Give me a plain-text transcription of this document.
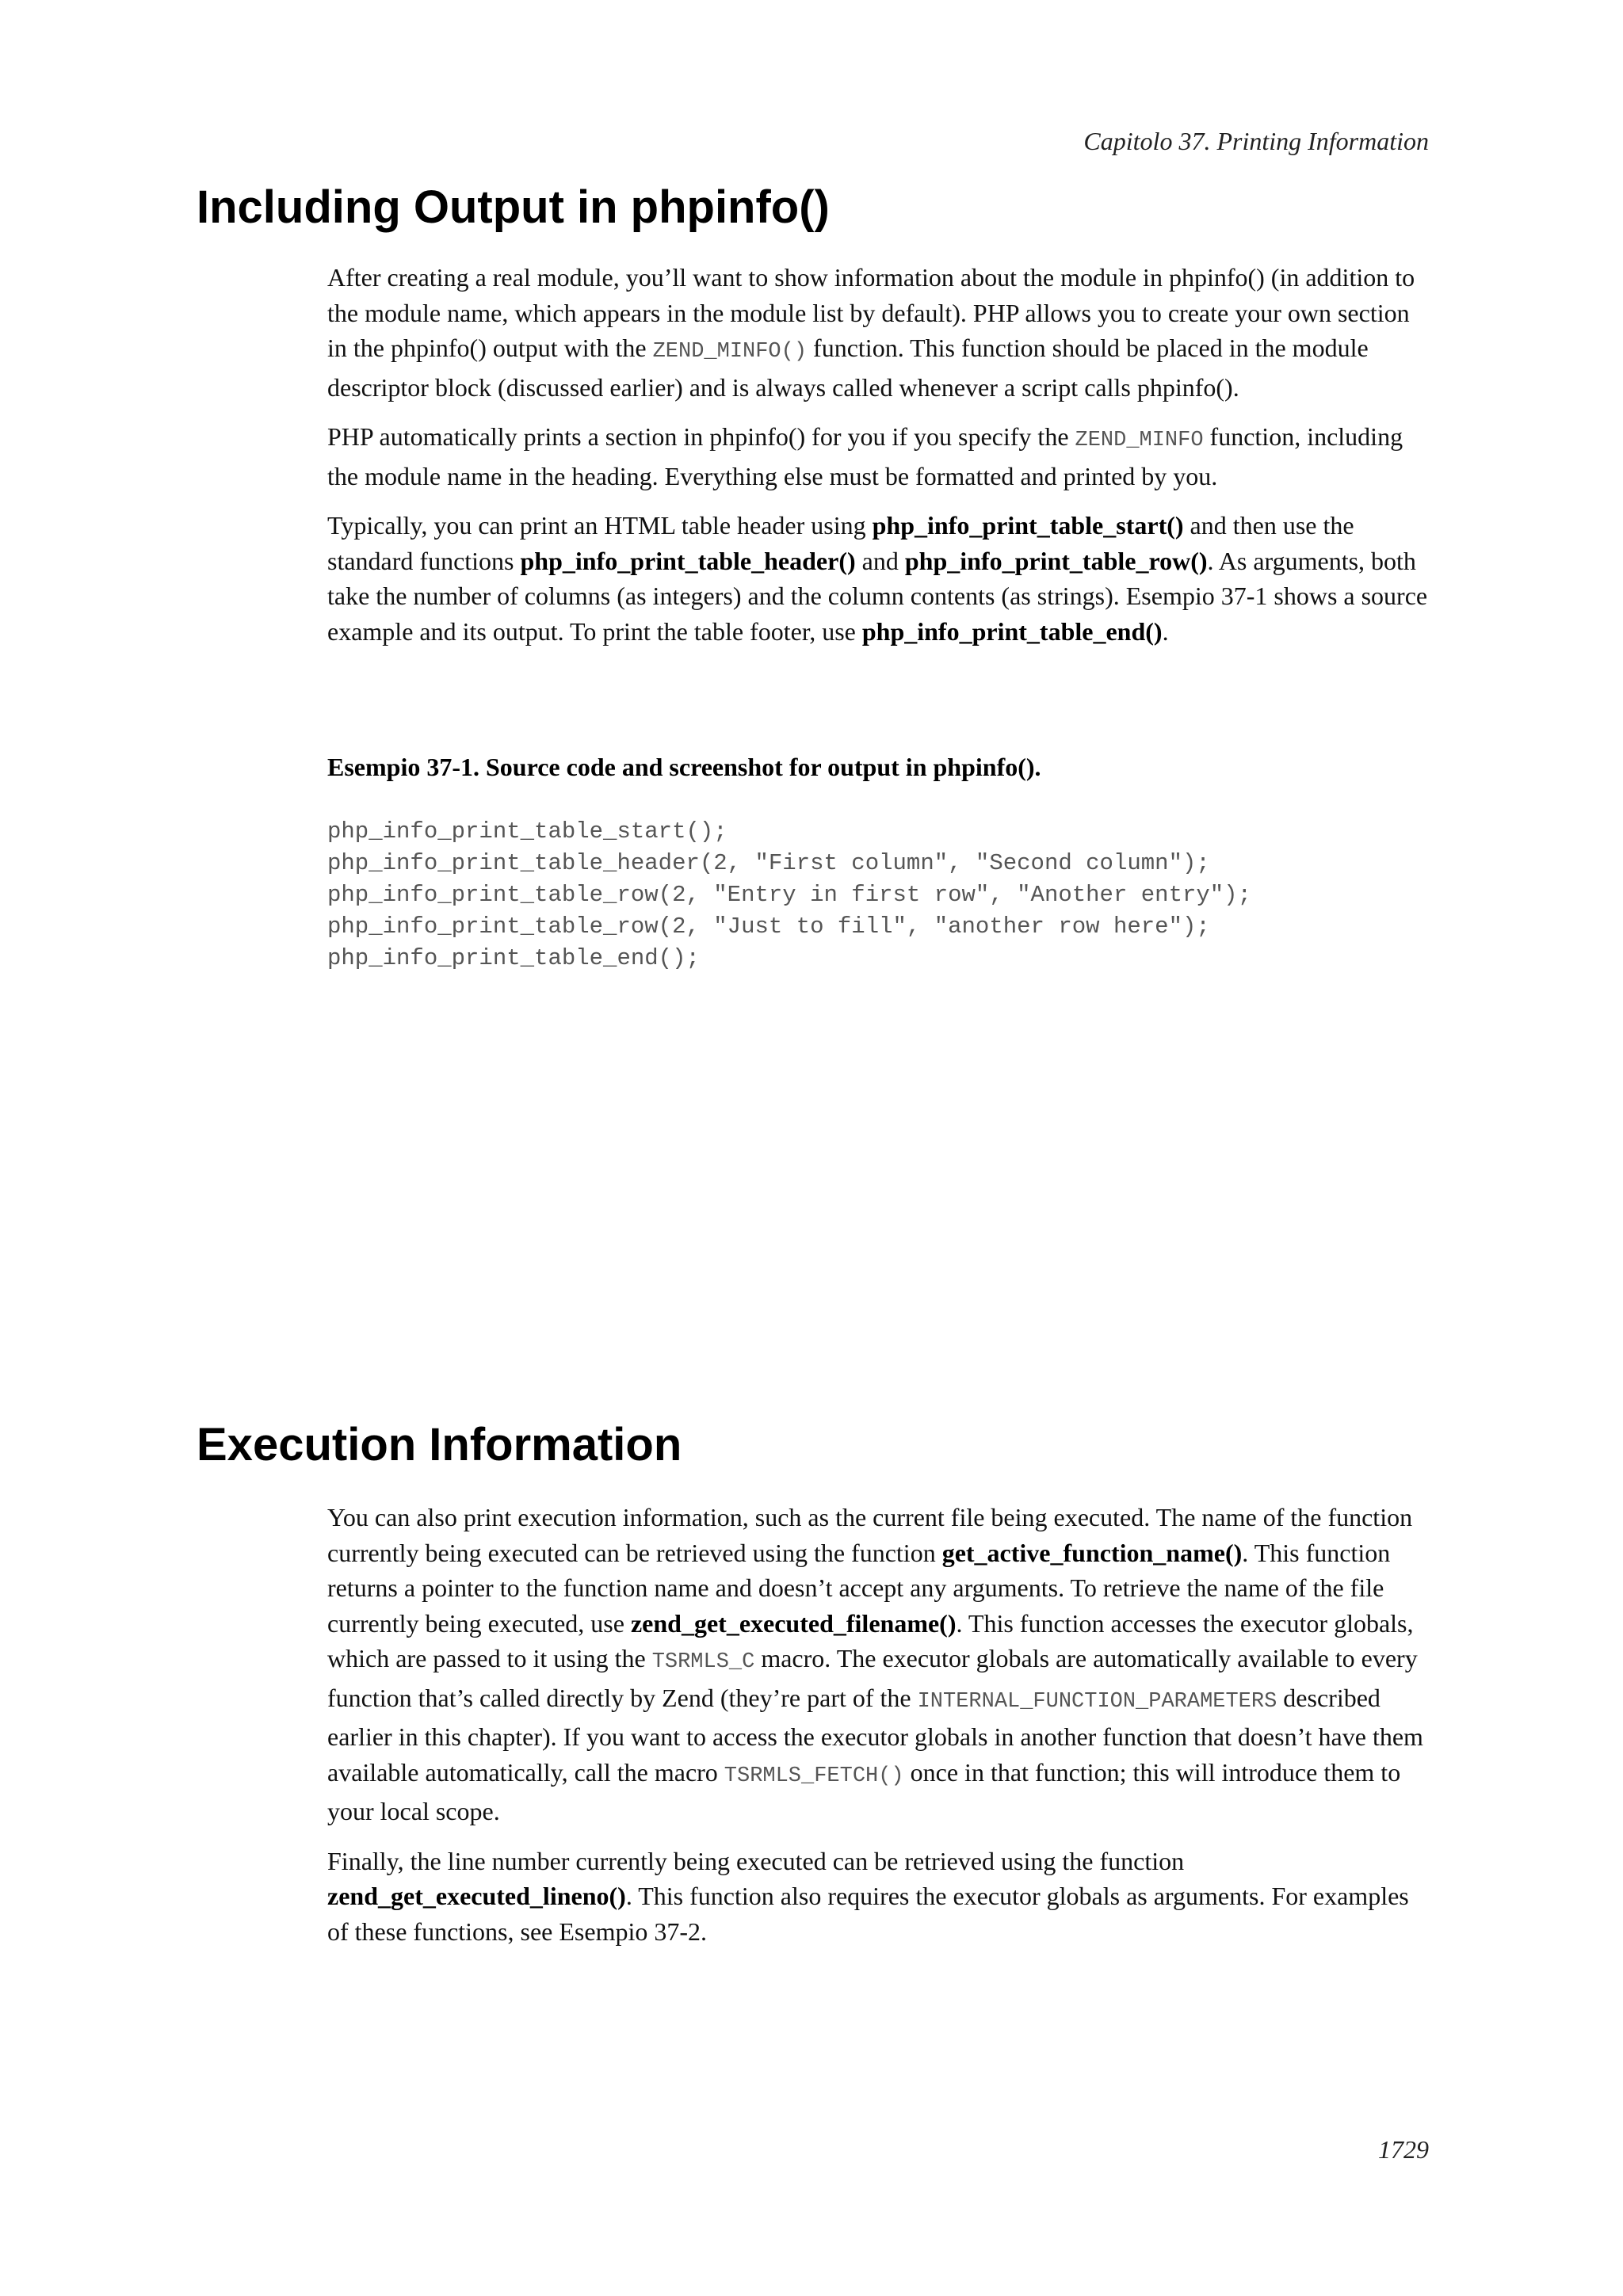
Capitolo 37. Printing Information
Including Output in phpinfo()

After creating a real module, you’ll want to show information about the module in phpinfo() (in addition to the module name, which appears in the module list by default). PHP allows you to create your own section in the phpinfo() output with the ZEND_MINFO() function. This function should be placed in the module descriptor block (discussed earlier) and is always called whenever a script calls phpinfo().

PHP automatically prints a section in phpinfo() for you if you specify the ZEND_MINFO function, including the module name in the heading. Everything else must be formatted and printed by you.

Typically, you can print an HTML table header using php_info_print_table_start() and then use the standard functions php_info_print_table_header() and php_info_print_table_row(). As arguments, both take the number of columns (as integers) and the column contents (as strings). Esempio 37-1 shows a source example and its output. To print the table footer, use php_info_print_table_end().

Esempio 37-1. Source code and screenshot for output in phpinfo().
php_info_print_table_start();
php_info_print_table_header(2, "First column", "Second column");
php_info_print_table_row(2, "Entry in first row", "Another entry");
php_info_print_table_row(2, "Just to fill", "another row here");
php_info_print_table_end();
Execution Information

You can also print execution information, such as the current file being executed. The name of the function currently being executed can be retrieved using the function get_active_function_name(). This function returns a pointer to the function name and doesn’t accept any arguments. To retrieve the name of the file currently being executed, use zend_get_executed_filename(). This function accesses the executor globals, which are passed to it using the TSRMLS_C macro. The executor globals are automatically available to every function that’s called directly by Zend (they’re part of the INTERNAL_FUNCTION_PARAMETERS described earlier in this chapter). If you want to access the executor globals in another function that doesn’t have them available automatically, call the macro TSRMLS_FETCH() once in that function; this will introduce them to your local scope.

Finally, the line number currently being executed can be retrieved using the function zend_get_executed_lineno(). This function also requires the executor globals as arguments. For examples of these functions, see Esempio 37-2.

1729
